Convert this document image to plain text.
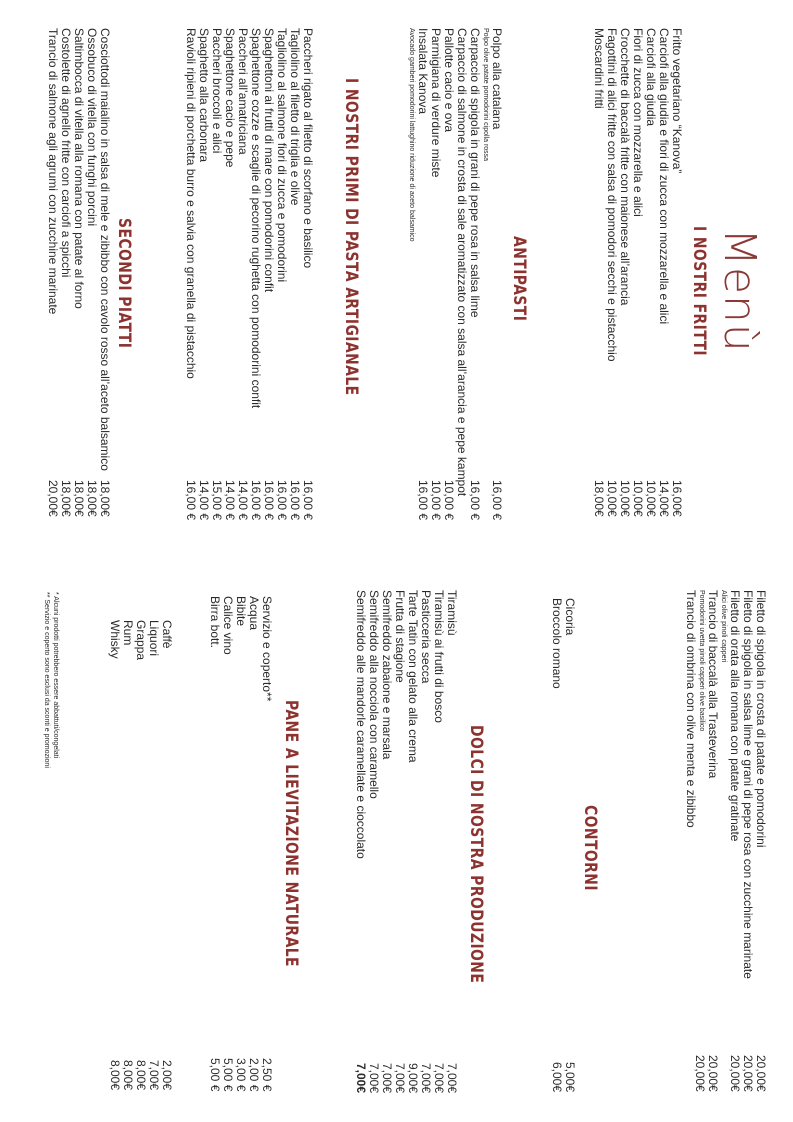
Menù
I NOSTRI FRITTI
Fritto vegetariano “Kanova”
Carciofi alla giudia e fiori di zucca con mozzarella e alici
Carciofi alla giudia
Fiori di zucca con mozzarella e alici
Crocchette di baccalà fritte con maionese all’arancia
Fagottini di alici fritte con salsa di pomodori secchi e pistacchio
Moscardini fritti
16,00€
14,00€
10,00€
10,00€
10,00€
10,00€
18,00€
ANTIPASTI
Polpo alla catalana
Polpo olive patate pomodorini cipolla rossa
Carpaccio di spigola in grani di pepe rosa in salsa lime
Carpaccio di salmone in crosta di sale aromatizzato con salsa all’arancia e pepe kampot
Pallotte cacio e ova
Parmigiana di verdure miste
Insalata Kanova
Avocado gamberi pomodorini lattughino riduzione di aceto balsamico
16,00 €
16,00 €
10,00 €
10,00 €
16,00 €
I NOSTRI PRIMI DI PASTA ARTIGIANALE
Paccheri rigato al filetto di scorfano e basilico
Tagliolino al filetto di triglia e olive
Tagliolino al salmone fiori di zucca e pomodorini
Spaghettoni ai frutti di mare con pomodorini confit
Spaghettone cozze e scaglie di pecorino rughetta con pomodorini confit
Paccheri all’amatriciana
Spaghettone cacio e pepe
Paccheri broccoli e alici
Spaghetto alla carbonara
Ravioli ripieni di porchetta burro e salvia con granella di pistacchio
16,00 €
16,00 €
16,00 €
16,00 €
16,00 €
14,00 €
14,00 €
15,00 €
14,00 €
16,00 €
SECONDI PIATTI
Cosciottodi maialino in salsa di mele e zibibbo con cavolo rosso all’aceto balsamico
Ossobuco di vitella con funghi porcini
Saltimbocca di vitella alla romana con patate al forno
Costolette di agnello fritte con carciofi a spicchi
Trancio di salmone agli agrumi con zucchine marinate
18,00€
18,00€
18,00€
18,00€
20,00€
Filetto di spigola in crosta di patate e pomodorini
Filetto di spigola in salsa lime e grani di pepe rosa con zucchine marinate
Filetto di orata alla romana con patate gratinate
Alici olive pinoli capperi
Trancio di baccalà alla Trasteverina
Pomodorini uvetta pinoli capperi olive basilico
Trancio di ombrina con olive menta e zibibbo
20,00€
20,00€
20,00€
20,00€
20,00€
CONTORNI
Cicoria
Broccolo romano
5,00€
6,00€
DOLCI DI NOSTRA PRODUZIONE
Tiramisù
Tiramisù ai frutti di bosco
Pasticceria secca
Tarte Tatin con gelato alla crema
Frutta di stagione
Semifreddo zabaione e marsala
Semifreddo alla nocciola con caramello
Semifreddo alle mandorle caramellate e cioccolato
7,00€
7,00€
7,00€
9,00€
7,00€
7,00€
7,00€
7,00€
PANE A LIEVITAZIONE NATURALE
Servizio e coperto**
Acqua
Bibite
Calice vino
Birra bott.
2,50 €
2,00 €
3,00 €
5,00 €
5,00 €
Caffè
Liquori
Grappa
Rum
Whisky
2,00€
7,00€
8,00€
8,00€
8,00€
* Alcuni prodotti potrebbero essere abbattuti/congelati
** Servizio e coperto sono esclusi da sconti e promozioni
